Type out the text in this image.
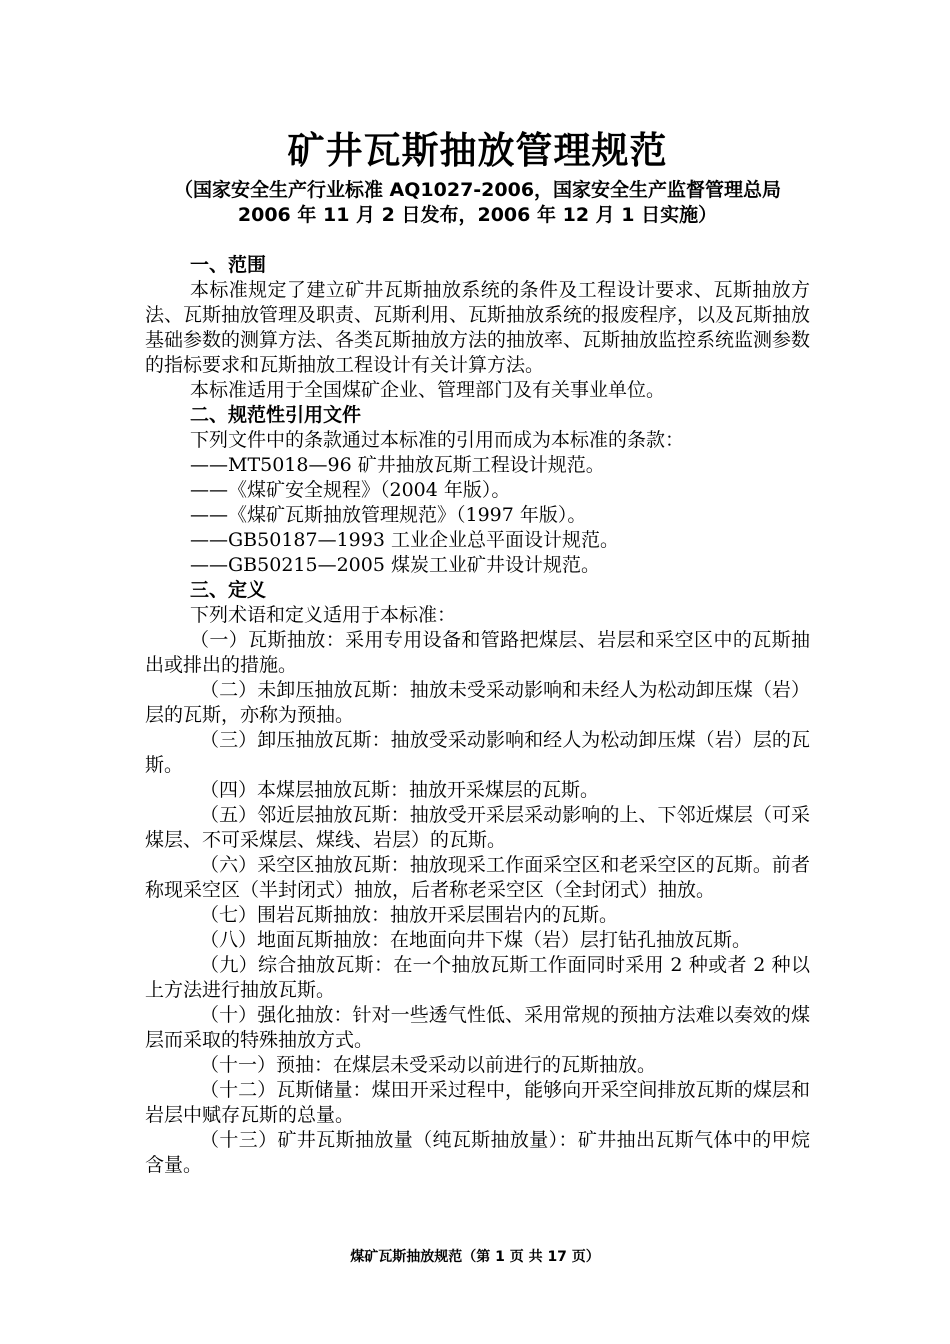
矿井瓦斯抽放管理规范
（国家安全生产行业标准 AQ1027-2006，国家安全生产监督管理总局
2006 年 11 月 2 日发布，2006 年 12 月 1 日实施）
一、范围

本标准规定了建立矿井瓦斯抽放系统的条件及工程设计要求、瓦斯抽放方法、瓦斯抽放管理及职责、瓦斯利用、瓦斯抽放系统的报废程序，以及瓦斯抽放基础参数的测算方法、各类瓦斯抽放方法的抽放率、瓦斯抽放监控系统监测参数的指标要求和瓦斯抽放工程设计有关计算方法。

本标准适用于全国煤矿企业、管理部门及有关事业单位。

二、规范性引用文件

下列文件中的条款通过本标准的引用而成为本标准的条款：

——MT5018—96 矿井抽放瓦斯工程设计规范。

——《煤矿安全规程》（2004 年版）。

——《煤矿瓦斯抽放管理规范》（1997 年版）。

——GB50187—1993 工业企业总平面设计规范。

——GB50215—2005 煤炭工业矿井设计规范。

三、定义

下列术语和定义适用于本标准：

（一）瓦斯抽放：采用专用设备和管路把煤层、岩层和采空区中的瓦斯抽出或排出的措施。

（二）未卸压抽放瓦斯：抽放未受采动影响和未经人为松动卸压煤（岩）层的瓦斯，亦称为预抽。

（三）卸压抽放瓦斯：抽放受采动影响和经人为松动卸压煤（岩）层的瓦斯。

（四）本煤层抽放瓦斯：抽放开采煤层的瓦斯。

（五）邻近层抽放瓦斯：抽放受开采层采动影响的上、下邻近煤层（可采煤层、不可采煤层、煤线、岩层）的瓦斯。

（六）采空区抽放瓦斯：抽放现采工作面采空区和老采空区的瓦斯。前者称现采空区（半封闭式）抽放，后者称老采空区（全封闭式）抽放。

（七）围岩瓦斯抽放：抽放开采层围岩内的瓦斯。

（八）地面瓦斯抽放：在地面向井下煤（岩）层打钻孔抽放瓦斯。

（九）综合抽放瓦斯：在一个抽放瓦斯工作面同时采用 2 种或者 2 种以上方法进行抽放瓦斯。

（十）强化抽放：针对一些透气性低、采用常规的预抽方法难以奏效的煤层而采取的特殊抽放方式。

（十一）预抽：在煤层未受采动以前进行的瓦斯抽放。

（十二）瓦斯储量：煤田开采过程中，能够向开采空间排放瓦斯的煤层和岩层中赋存瓦斯的总量。

（十三）矿井瓦斯抽放量（纯瓦斯抽放量）：矿井抽出瓦斯气体中的甲烷含量。

煤矿瓦斯抽放规范（第 1 页 共 17 页）
